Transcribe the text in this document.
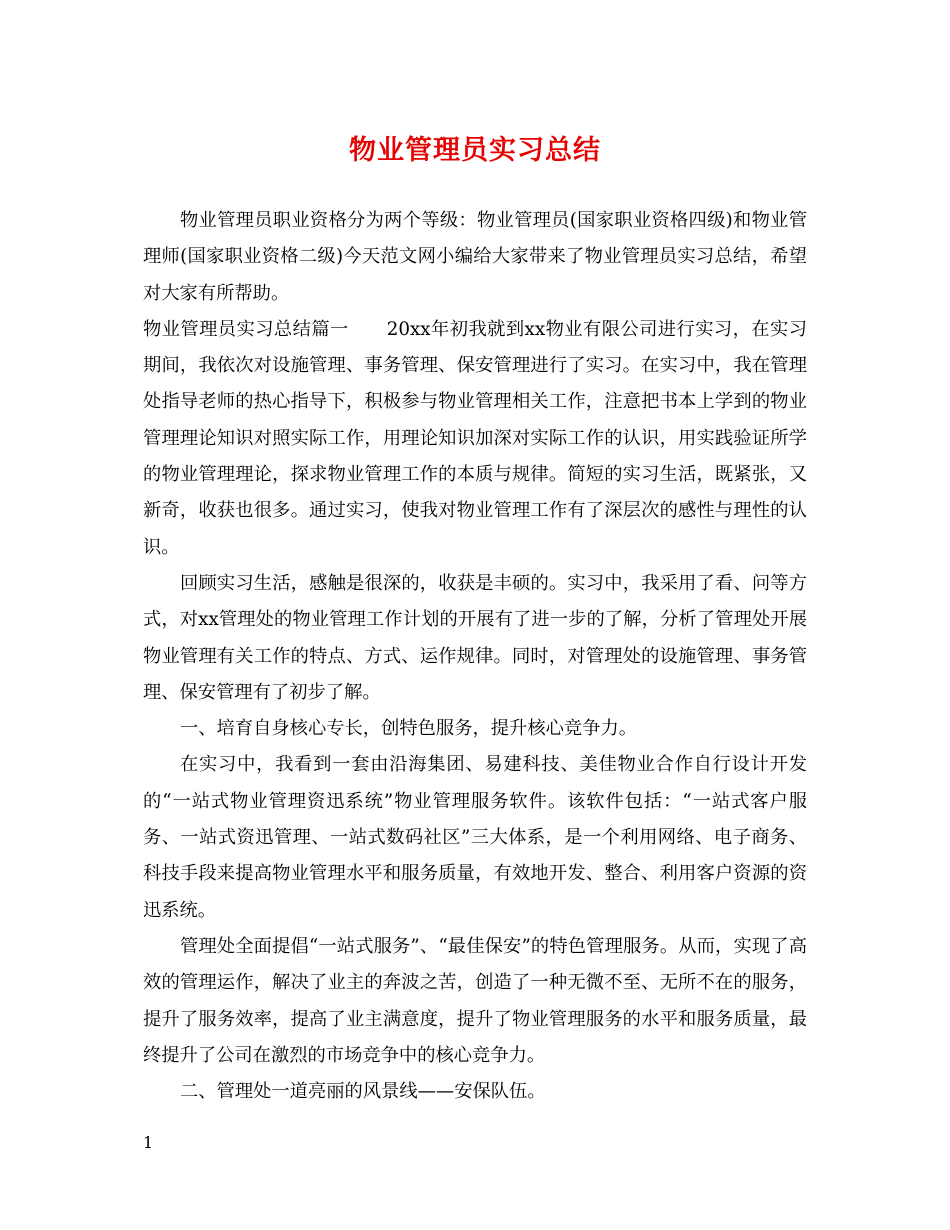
物业管理员实习总结

物业管理员职业资格分为两个等级：物业管理员(国家职业资格四级)和物业管理师(国家职业资格二级)今天范文网小编给大家带来了物业管理员实习总结，希望对大家有所帮助。

物业管理员实习总结篇一 20xx年初我就到xx物业有限公司进行实习，在实习期间，我依次对设施管理、事务管理、保安管理进行了实习。在实习中，我在管理处指导老师的热心指导下，积极参与物业管理相关工作，注意把书本上学到的物业管理理论知识对照实际工作，用理论知识加深对实际工作的认识，用实践验证所学的物业管理理论，探求物业管理工作的本质与规律。简短的实习生活，既紧张，又新奇，收获也很多。通过实习，使我对物业管理工作有了深层次的感性与理性的认识。

回顾实习生活，感触是很深的，收获是丰硕的。实习中，我采用了看、问等方式，对xx管理处的物业管理工作计划的开展有了进一步的了解，分析了管理处开展物业管理有关工作的特点、方式、运作规律。同时，对管理处的设施管理、事务管理、保安管理有了初步了解。

一、培育自身核心专长，创特色服务，提升核心竞争力。

在实习中，我看到一套由沿海集团、易建科技、美佳物业合作自行设计开发的“一站式物业管理资迅系统”物业管理服务软件。该软件包括：“一站式客户服务、一站式资迅管理、一站式数码社区”三大体系，是一个利用网络、电子商务、科技手段来提高物业管理水平和服务质量，有效地开发、整合、利用客户资源的资迅系统。

管理处全面提倡“一站式服务”、“最佳保安”的特色管理服务。从而，实现了高效的管理运作，解决了业主的奔波之苦，创造了一种无微不至、无所不在的服务，提升了服务效率，提高了业主满意度，提升了物业管理服务的水平和服务质量，最终提升了公司在激烈的市场竞争中的核心竞争力。

二、管理处一道亮丽的风景线——安保队伍。

1
